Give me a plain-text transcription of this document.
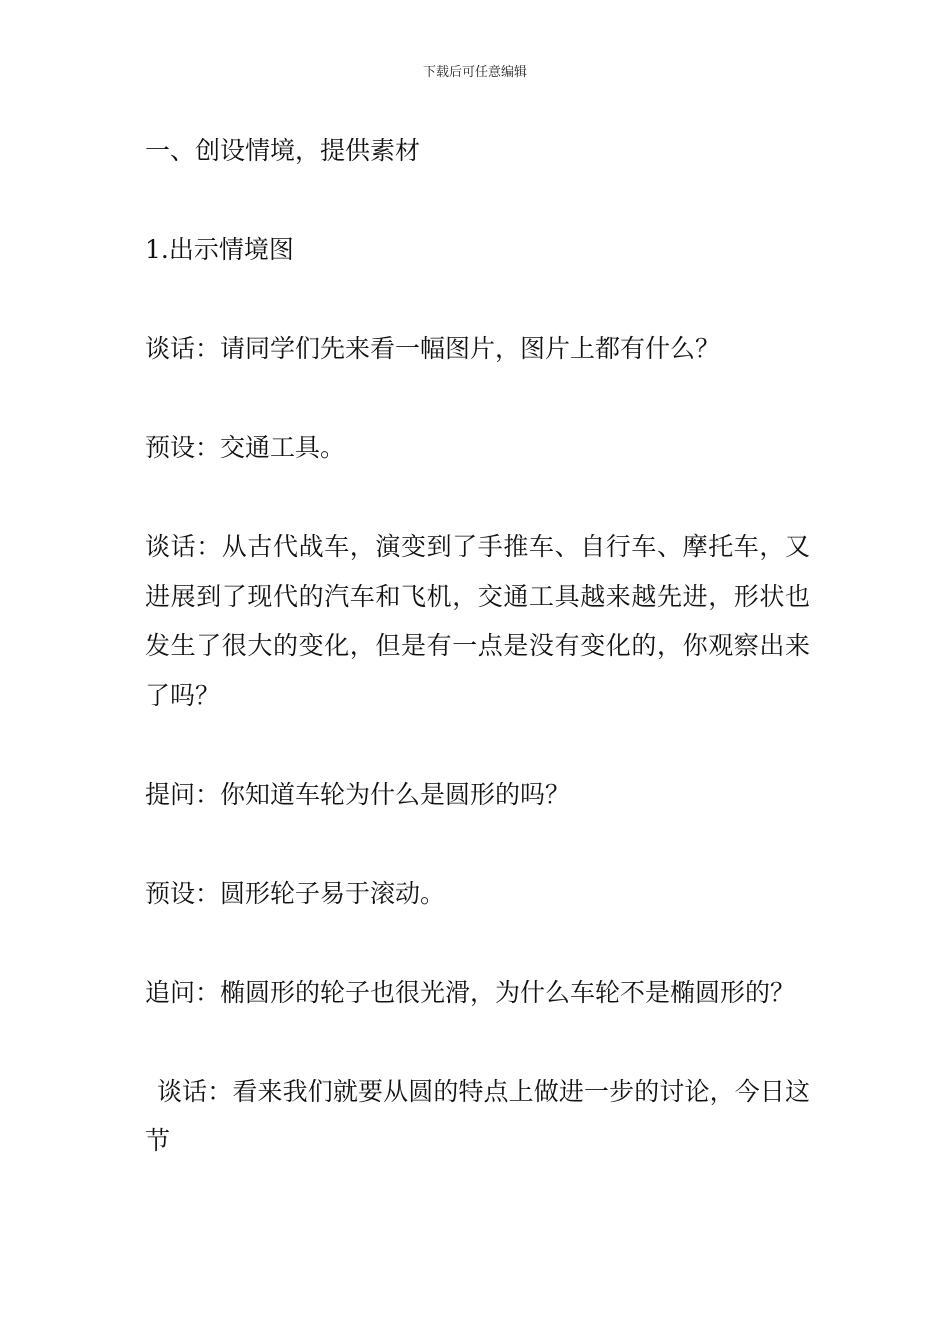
下载后可任意编辑

一、创设情境，提供素材

1.出示情境图

谈话：请同学们先来看一幅图片，图片上都有什么？

预设：交通工具。

谈话：从古代战车，演变到了手推车、自行车、摩托车，又进展到了现代的汽车和飞机，交通工具越来越先进，形状也发生了很大的变化，但是有一点是没有变化的，你观察出来了吗？

提问：你知道车轮为什么是圆形的吗？

预设：圆形轮子易于滚动。

追问：椭圆形的轮子也很光滑，为什么车轮不是椭圆形的？

谈话：看来我们就要从圆的特点上做进一步的讨论，今日这节
